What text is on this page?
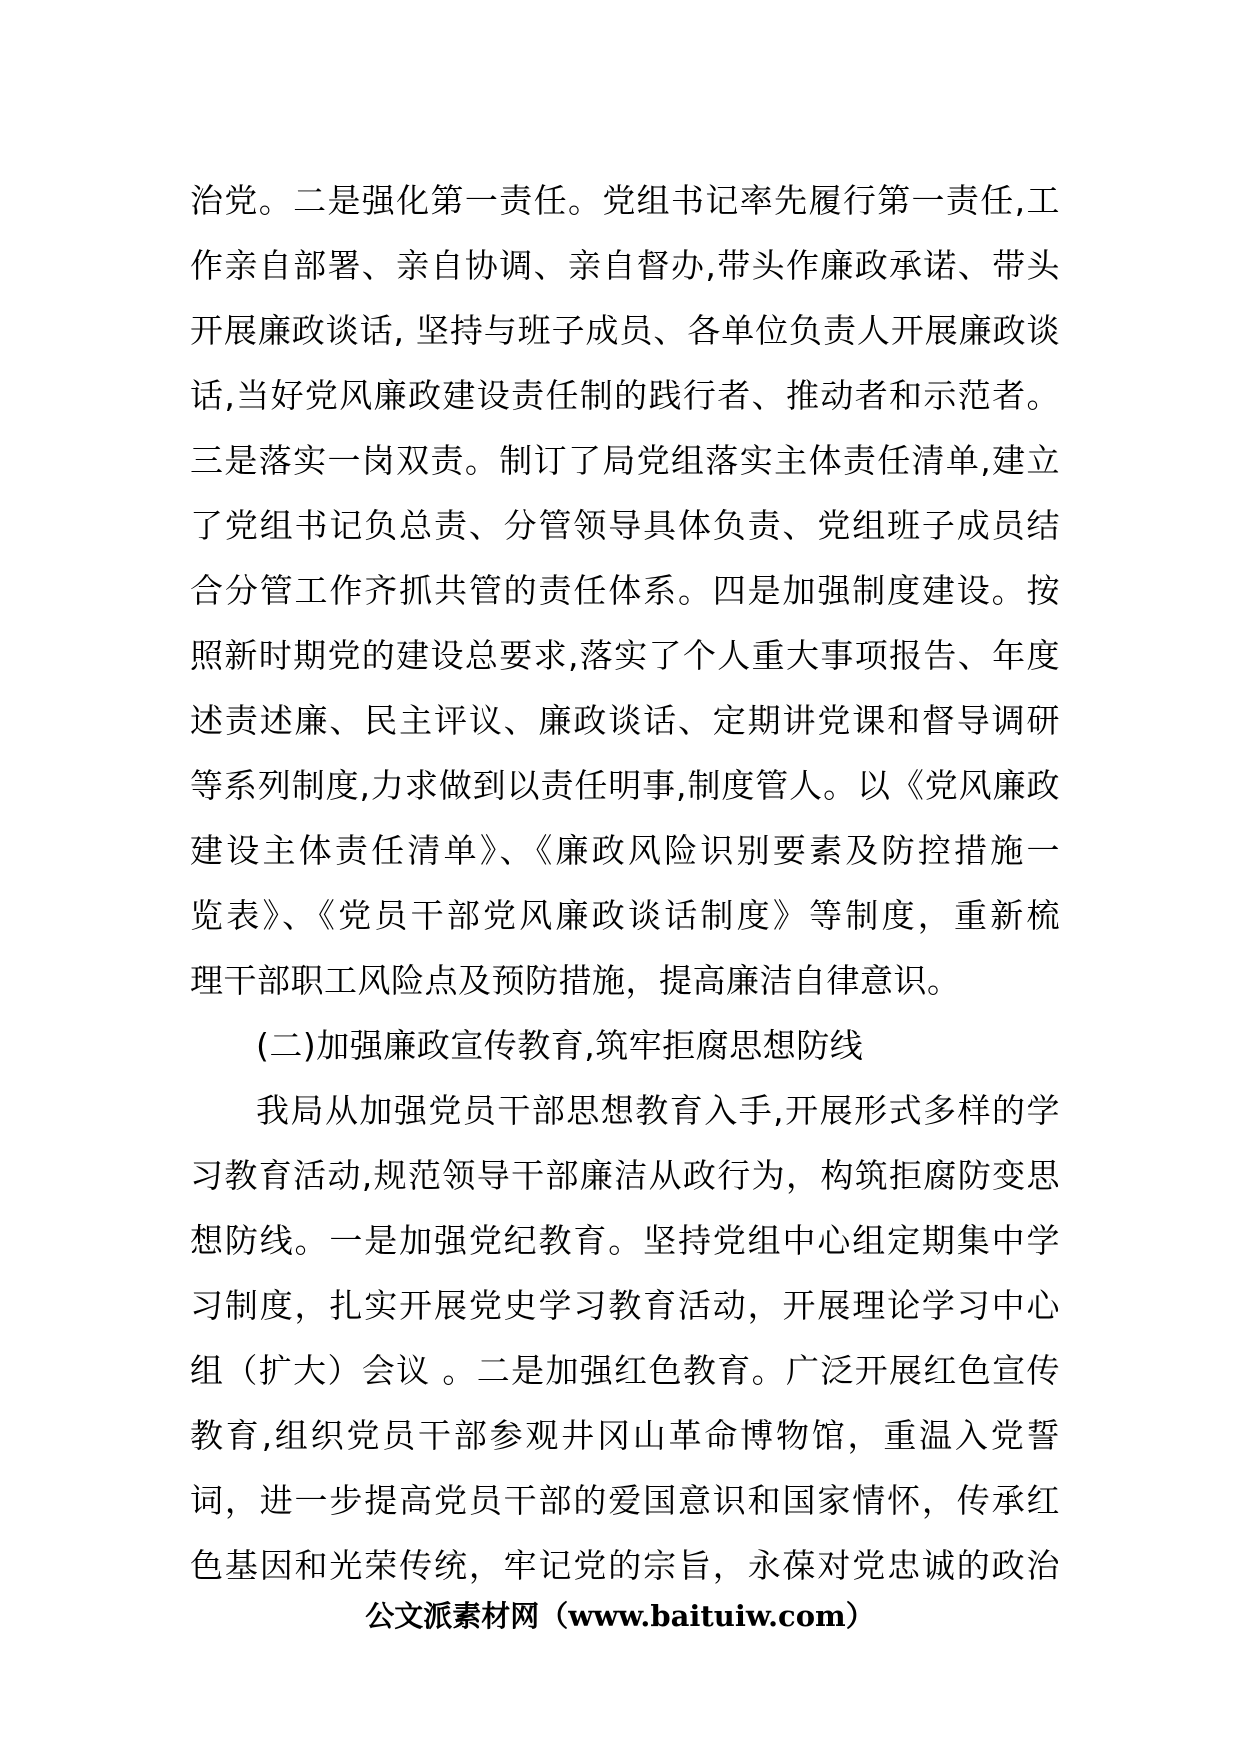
治党。二是强化第一责任。党组书记率先履行第一责任,工
作亲自部署、亲自协调、亲自督办,带头作廉政承诺、带头
开展廉政谈话, 坚持与班子成员、各单位负责人开展廉政谈
话,当好党风廉政建设责任制的践行者、推动者和示范者。
三是落实一岗双责。制订了局党组落实主体责任清单,建立
了党组书记负总责、分管领导具体负责、党组班子成员结
合分管工作齐抓共管的责任体系。四是加强制度建设。按
照新时期党的建设总要求,落实了个人重大事项报告、年度
述责述廉、民主评议、廉政谈话、定期讲党课和督导调研
等系列制度,力求做到以责任明事,制度管人。以《党风廉政
建设主体责任清单》、《廉政风险识别要素及防控措施一
览表》、《党员干部党风廉政谈话制度》等制度，重新梳
理干部职工风险点及预防措施，提高廉洁自律意识。
(二)加强廉政宣传教育,筑牢拒腐思想防线
我局从加强党员干部思想教育入手,开展形式多样的学
习教育活动,规范领导干部廉洁从政行为，构筑拒腐防变思
想防线。一是加强党纪教育。坚持党组中心组定期集中学
习制度，扎实开展党史学习教育活动，开展理论学习中心
组（扩大）会议 。二是加强红色教育。广泛开展红色宣传
教育,组织党员干部参观井冈山革命博物馆，重温入党誓
词，进一步提高党员干部的爱国意识和国家情怀，传承红
色基因和光荣传统，牢记党的宗旨，永葆对党忠诚的政治
公文派素材网（www.baituiw.com）
